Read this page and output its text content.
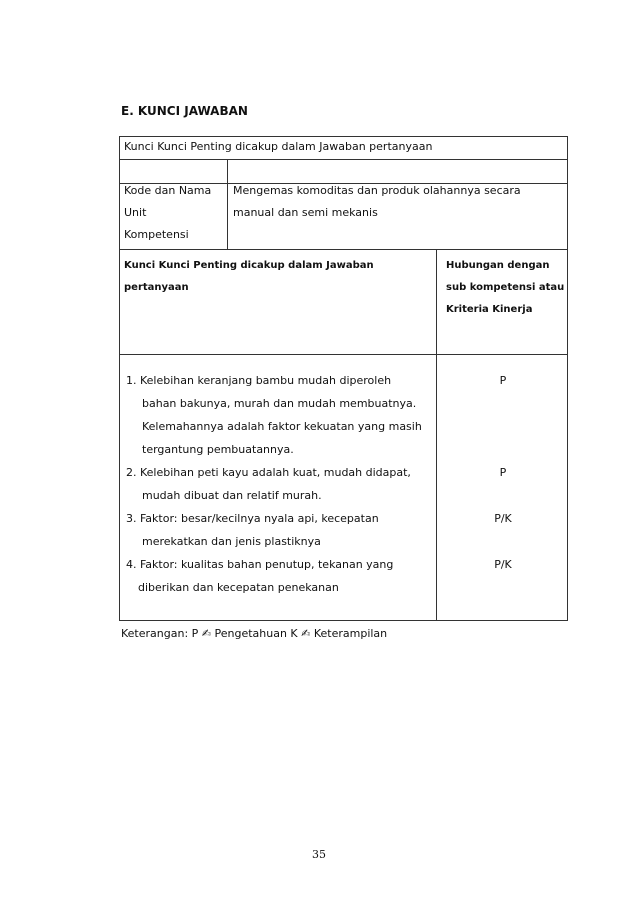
E. KUNCI JAWABAN
Kunci Kunci Penting dicakup dalam Jawaban pertanyaan
Kode dan Nama
Unit
Kompetensi
Mengemas komoditas dan produk olahannya secara
manual dan semi mekanis
Kunci Kunci Penting dicakup dalam Jawaban
pertanyaan
Hubungan dengan
sub kompetensi atau
Kriteria Kinerja
1. Kelebihan keranjang bambu mudah diperoleh
bahan bakunya, murah dan mudah membuatnya.
Kelemahannya adalah faktor kekuatan yang masih
tergantung pembuatannya.
P
2. Kelebihan peti kayu adalah kuat, mudah didapat,
mudah dibuat dan relatif murah.
P
3. Faktor: besar/kecilnya nyala api, kecepatan
merekatkan dan jenis plastiknya
P/K
4. Faktor: kualitas bahan penutup, tekanan yang
diberikan dan kecepatan penekanan
P/K
Keterangan: P ✍ Pengetahuan K ✍ Keterampilan
35
